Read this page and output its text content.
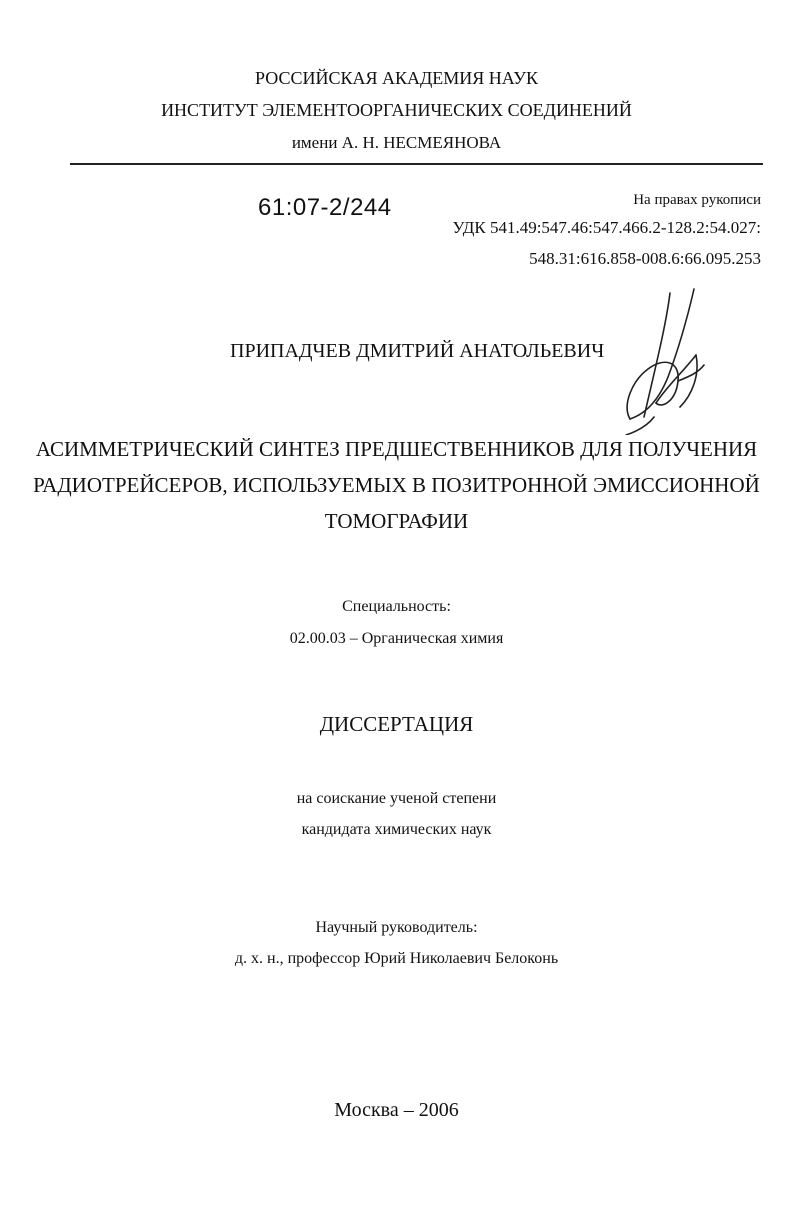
РОССИЙСКАЯ АКАДЕМИЯ НАУК
ИНСТИТУТ ЭЛЕМЕНТООРГАНИЧЕСКИХ СОЕДИНЕНИЙ
имени А. Н. НЕСМЕЯНОВА
61:07-2/244	На правах рукописи
УДК 541.49:547.46:547.466.2-128.2:54.027:
548.31:616.858-008.6:66.095.253
ПРИПАДЧЕВ ДМИТРИЙ АНАТОЛЬЕВИЧ
АСИММЕТРИЧЕСКИЙ СИНТЕЗ ПРЕДШЕСТВЕННИКОВ ДЛЯ ПОЛУЧЕНИЯ
РАДИОТРЕЙСЕРОВ, ИСПОЛЬЗУЕМЫХ В ПОЗИТРОННОЙ ЭМИССИОННОЙ
ТОМОГРАФИИ
Специальность:
02.00.03 – Органическая химия
ДИССЕРТАЦИЯ
на соискание ученой степени
кандидата химических наук
Научный руководитель:
д. х. н., профессор Юрий Николаевич Белоконь
Москва – 2006
